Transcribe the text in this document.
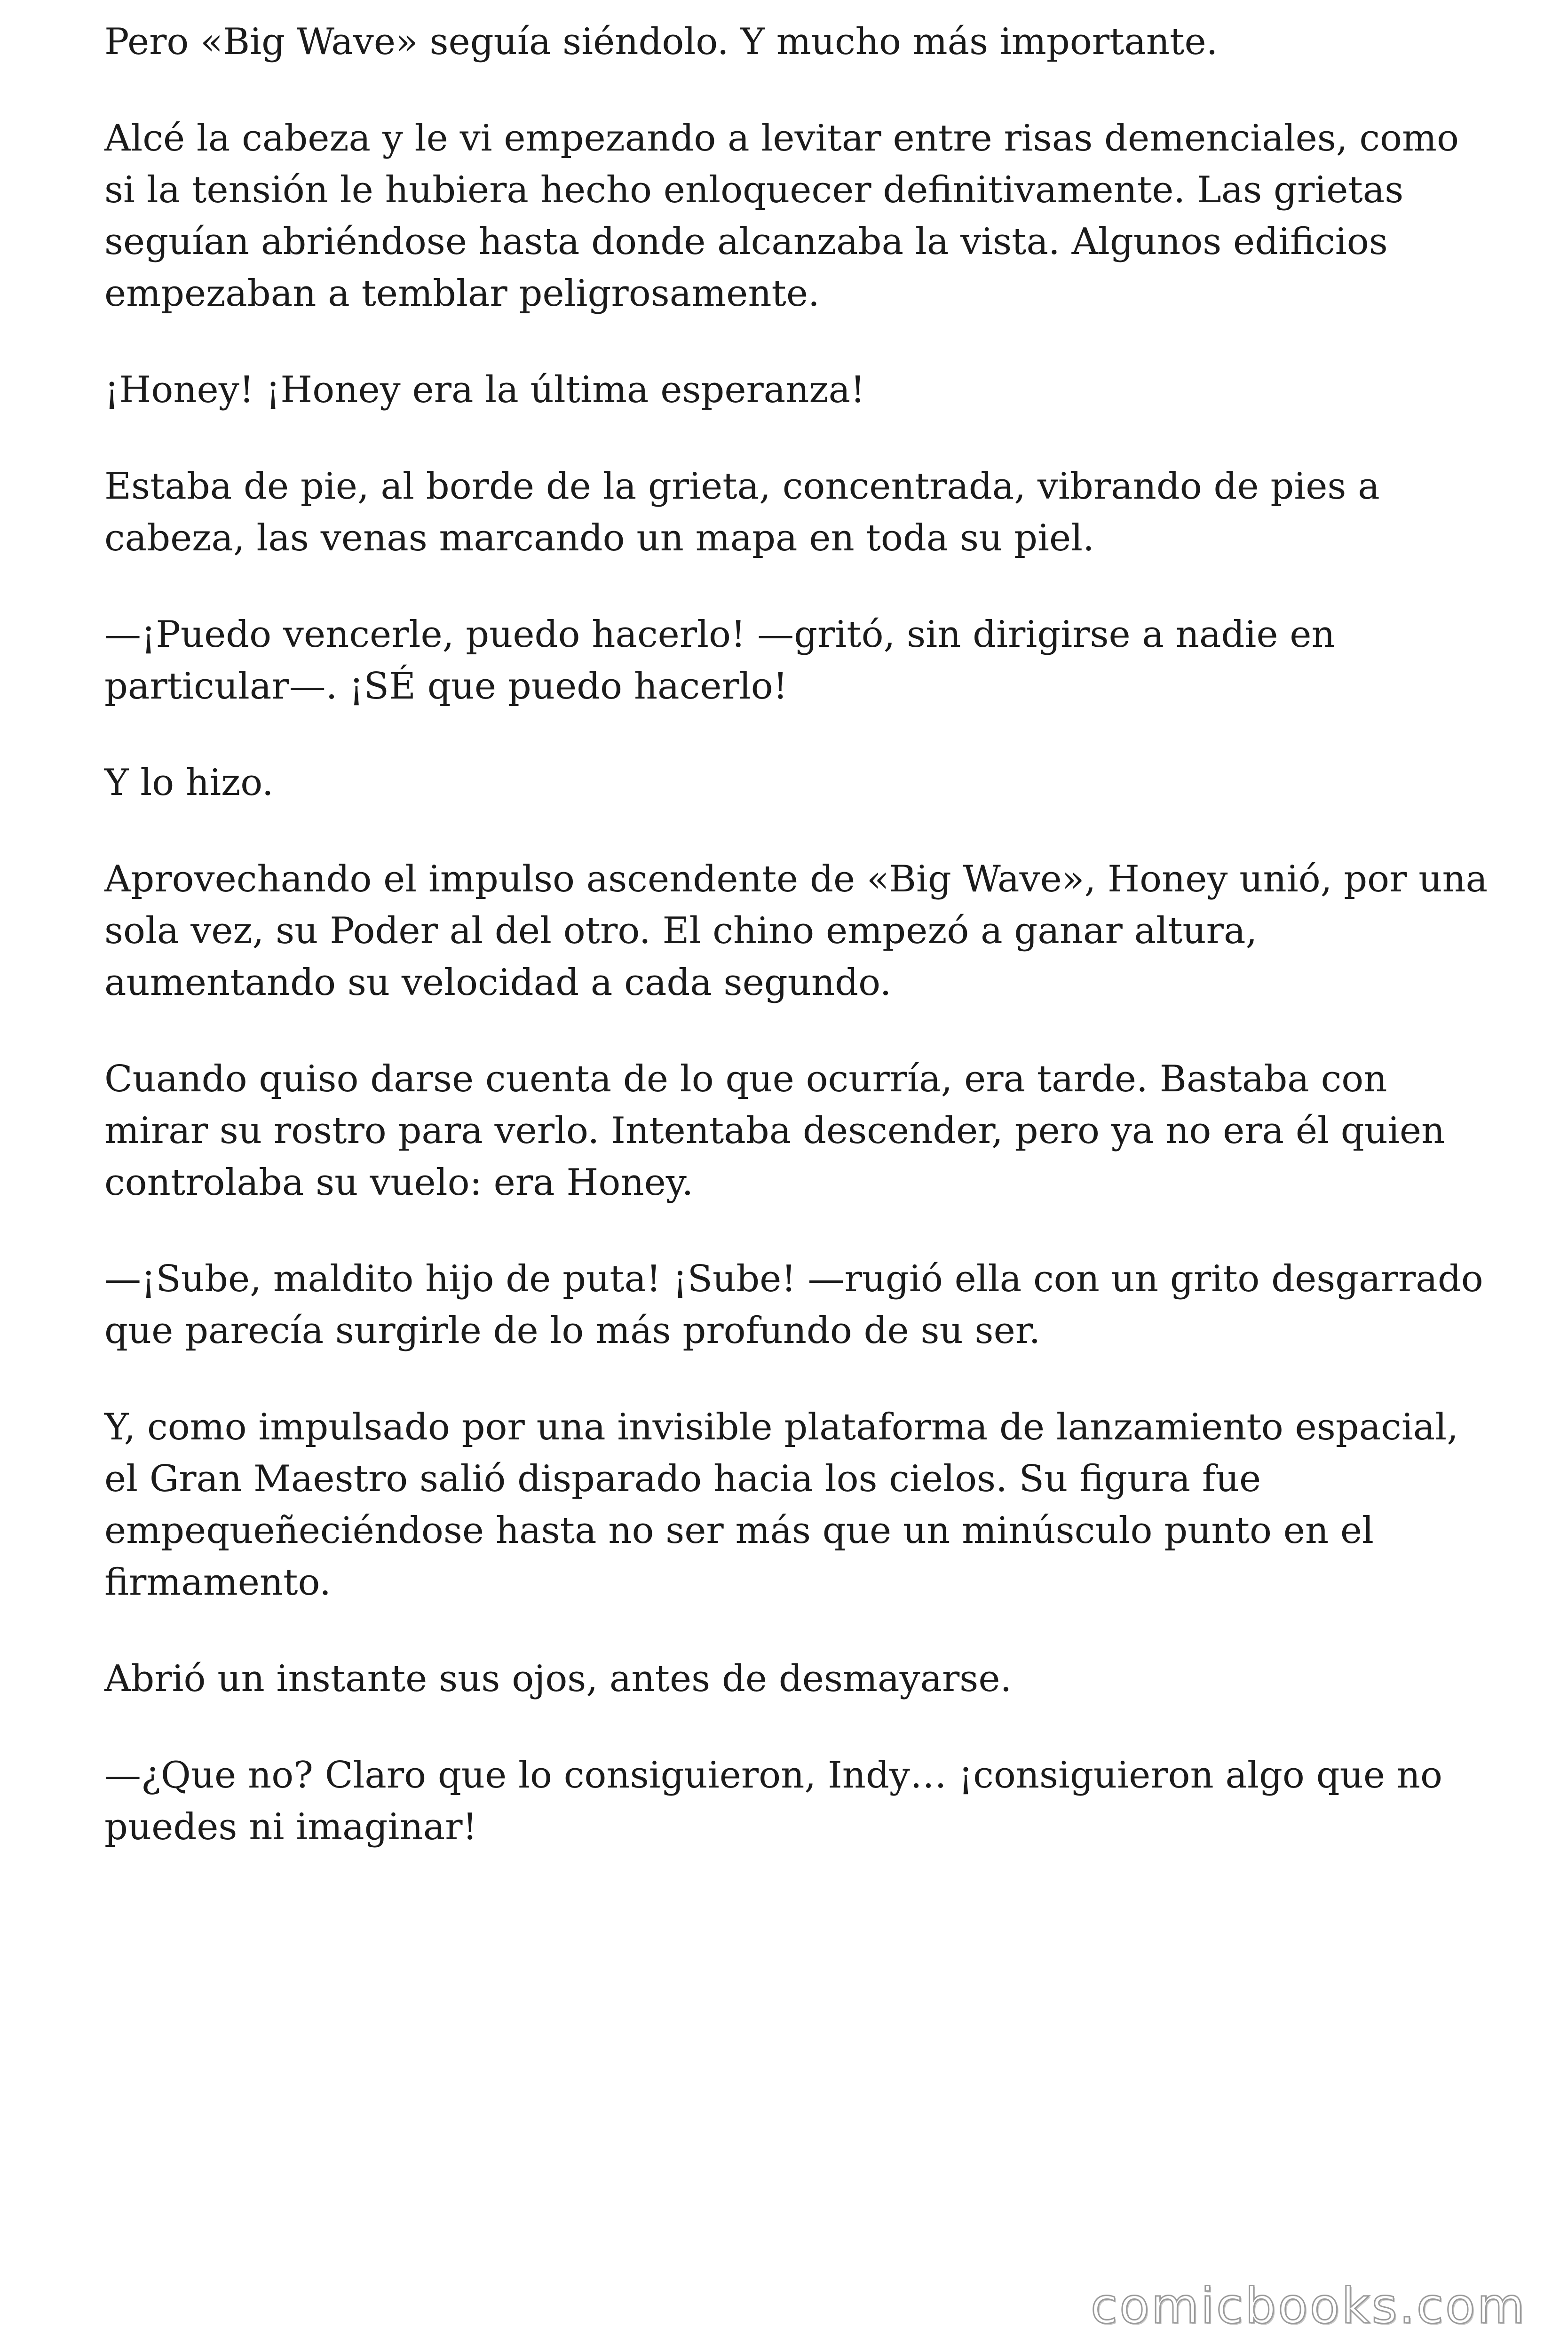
Pero «Big Wave» seguía siéndolo. Y mucho más importante.

Alcé la cabeza y le vi empezando a levitar entre risas demenciales, como si la tensión le hubiera hecho enloquecer definitivamente. Las grietas seguían abriéndose hasta donde alcanzaba la vista. Algunos edificios empezaban a temblar peligrosamente.

¡Honey! ¡Honey era la última esperanza!

Estaba de pie, al borde de la grieta, concentrada, vibrando de pies a cabeza, las venas marcando un mapa en toda su piel.

—¡Puedo vencerle, puedo hacerlo! —gritó, sin dirigirse a nadie en particular—. ¡SÉ que puedo hacerlo!

Y lo hizo.

Aprovechando el impulso ascendente de «Big Wave», Honey unió, por una sola vez, su Poder al del otro. El chino empezó a ganar altura, aumentando su velocidad a cada segundo.

Cuando quiso darse cuenta de lo que ocurría, era tarde. Bastaba con mirar su rostro para verlo. Intentaba descender, pero ya no era él quien controlaba su vuelo: era Honey.

—¡Sube, maldito hijo de puta! ¡Sube! —rugió ella con un grito desgarrado que parecía surgirle de lo más profundo de su ser.

Y, como impulsado por una invisible plataforma de lanzamiento espacial, el Gran Maestro salió disparado hacia los cielos. Su figura fue empequeñeciéndose hasta no ser más que un minúsculo punto en el firmamento.

Abrió un instante sus ojos, antes de desmayarse.

—¿Que no? Claro que lo consiguieron, Indy… ¡consiguieron algo que no puedes ni imaginar!

comicbooks.com
